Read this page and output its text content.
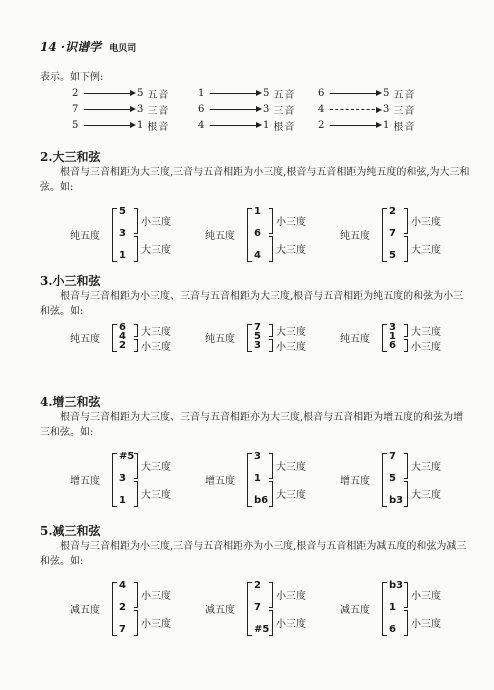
14 ·识谱学 电贝司
表示。如下例:
2	5 五音
7	3 三音
5	1 根音
1	5 五音
6	3 三音
4	1 根音
6	5 五音
4	3 三音
2	1 根音
2.大三和弦
根音与三音相距为大三度,三音与五音相距为小三度,根音与五音相距为纯五度的和弦,为大三和弦。如:
纯五度
5
3
1
小三度
大三度
纯五度
1
6
4
小三度
大三度
纯五度
2
7
5
小三度
大三度
3.小三和弦
根音与三音相距为小三度、三音与五音相距为大三度,根音与五音相距为纯五度的和弦为小三和弦。如:
纯五度
6
4
2
大三度
小三度
纯五度
7
5
3
大三度
小三度
纯五度
3
1
6
大三度
小三度
4.增三和弦
根音与三音相距为大三度、三音与五音相距亦为大三度,根音与五音相距为增五度的和弦为增三和弦。如:
增五度
#5
3
1
大三度
大三度
增五度
3
1
b6
大三度
大三度
增五度
7
5
b3
大三度
大三度
5.减三和弦
根音与三音相距为小三度,三音与五音相距亦为小三度,根音与五音相距为减五度的和弦为减三和弦。如:
减五度
4
2
7
小三度
小三度
减五度
2
7
#5
小三度
小三度
减五度
b3
1
6
小三度
小三度
